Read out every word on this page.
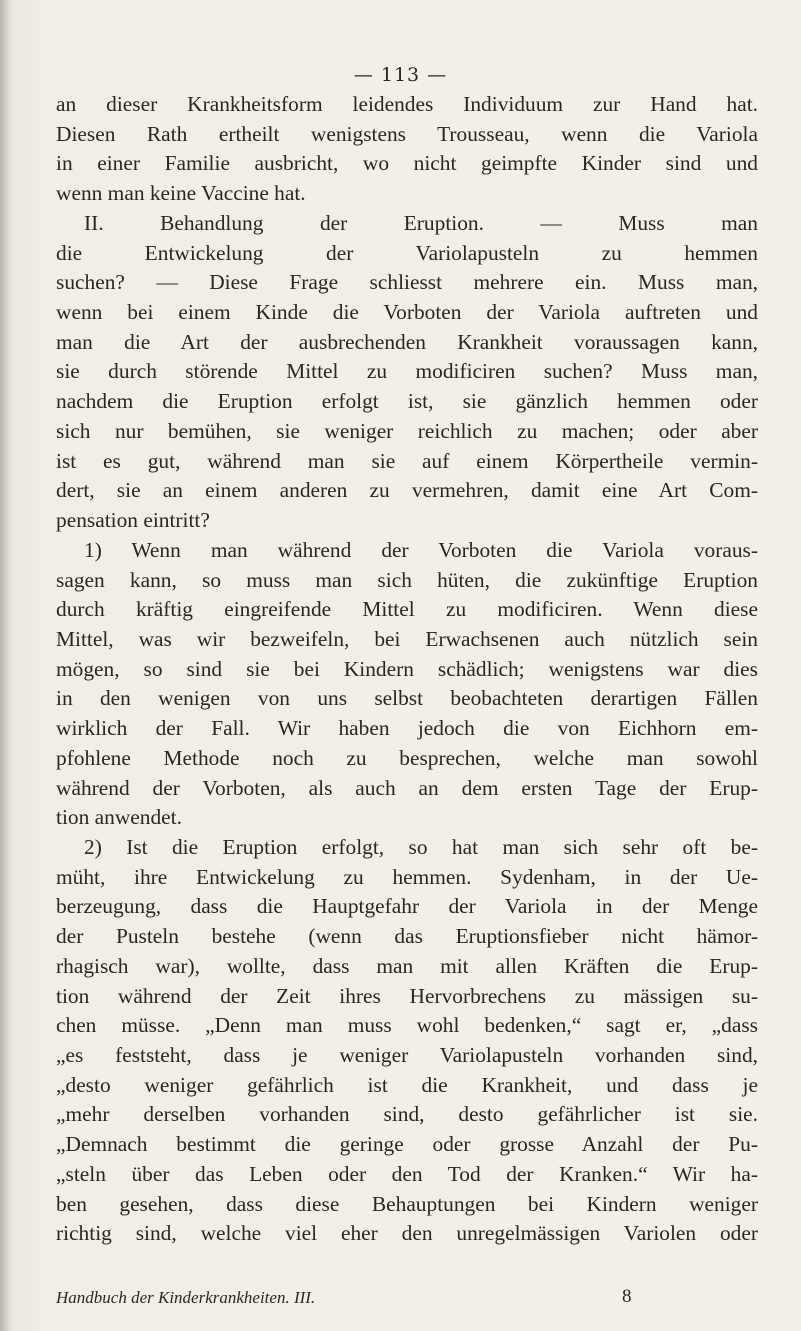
— 113 —
an dieser Krankheitsform leidendes Individuum zur Hand hat.
Diesen Rath ertheilt wenigstens Trousseau, wenn die Variola
in einer Familie ausbricht, wo nicht geimpfte Kinder sind und
wenn man keine Vaccine hat.
II. Behandlung der Eruption. — Muss man
die Entwickelung der Variolapusteln zu hemmen
suchen? — Diese Frage schliesst mehrere ein. Muss man,
wenn bei einem Kinde die Vorboten der Variola auftreten und
man die Art der ausbrechenden Krankheit voraussagen kann,
sie durch störende Mittel zu modificiren suchen? Muss man,
nachdem die Eruption erfolgt ist, sie gänzlich hemmen oder
sich nur bemühen, sie weniger reichlich zu machen; oder aber
ist es gut, während man sie auf einem Körpertheile vermin-
dert, sie an einem anderen zu vermehren, damit eine Art Com-
pensation eintritt?
1) Wenn man während der Vorboten die Variola voraus-
sagen kann, so muss man sich hüten, die zukünftige Eruption
durch kräftig eingreifende Mittel zu modificiren. Wenn diese
Mittel, was wir bezweifeln, bei Erwachsenen auch nützlich sein
mögen, so sind sie bei Kindern schädlich; wenigstens war dies
in den wenigen von uns selbst beobachteten derartigen Fällen
wirklich der Fall. Wir haben jedoch die von Eichhorn em-
pfohlene Methode noch zu besprechen, welche man sowohl
während der Vorboten, als auch an dem ersten Tage der Erup-
tion anwendet.
2) Ist die Eruption erfolgt, so hat man sich sehr oft be-
müht, ihre Entwickelung zu hemmen. Sydenham, in der Ue-
berzeugung, dass die Hauptgefahr der Variola in der Menge
der Pusteln bestehe (wenn das Eruptionsfieber nicht hämor-
rhagisch war), wollte, dass man mit allen Kräften die Erup-
tion während der Zeit ihres Hervorbrechens zu mässigen su-
chen müsse. „Denn man muss wohl bedenken,“ sagt er, „dass
„es feststeht, dass je weniger Variolapusteln vorhanden sind,
„desto weniger gefährlich ist die Krankheit, und dass je
„mehr derselben vorhanden sind, desto gefährlicher ist sie.
„Demnach bestimmt die geringe oder grosse Anzahl der Pu-
„steln über das Leben oder den Tod der Kranken.“ Wir ha-
ben gesehen, dass diese Behauptungen bei Kindern weniger
richtig sind, welche viel eher den unregelmässigen Variolen oder
Handbuch der Kinderkrankheiten. III.	8
